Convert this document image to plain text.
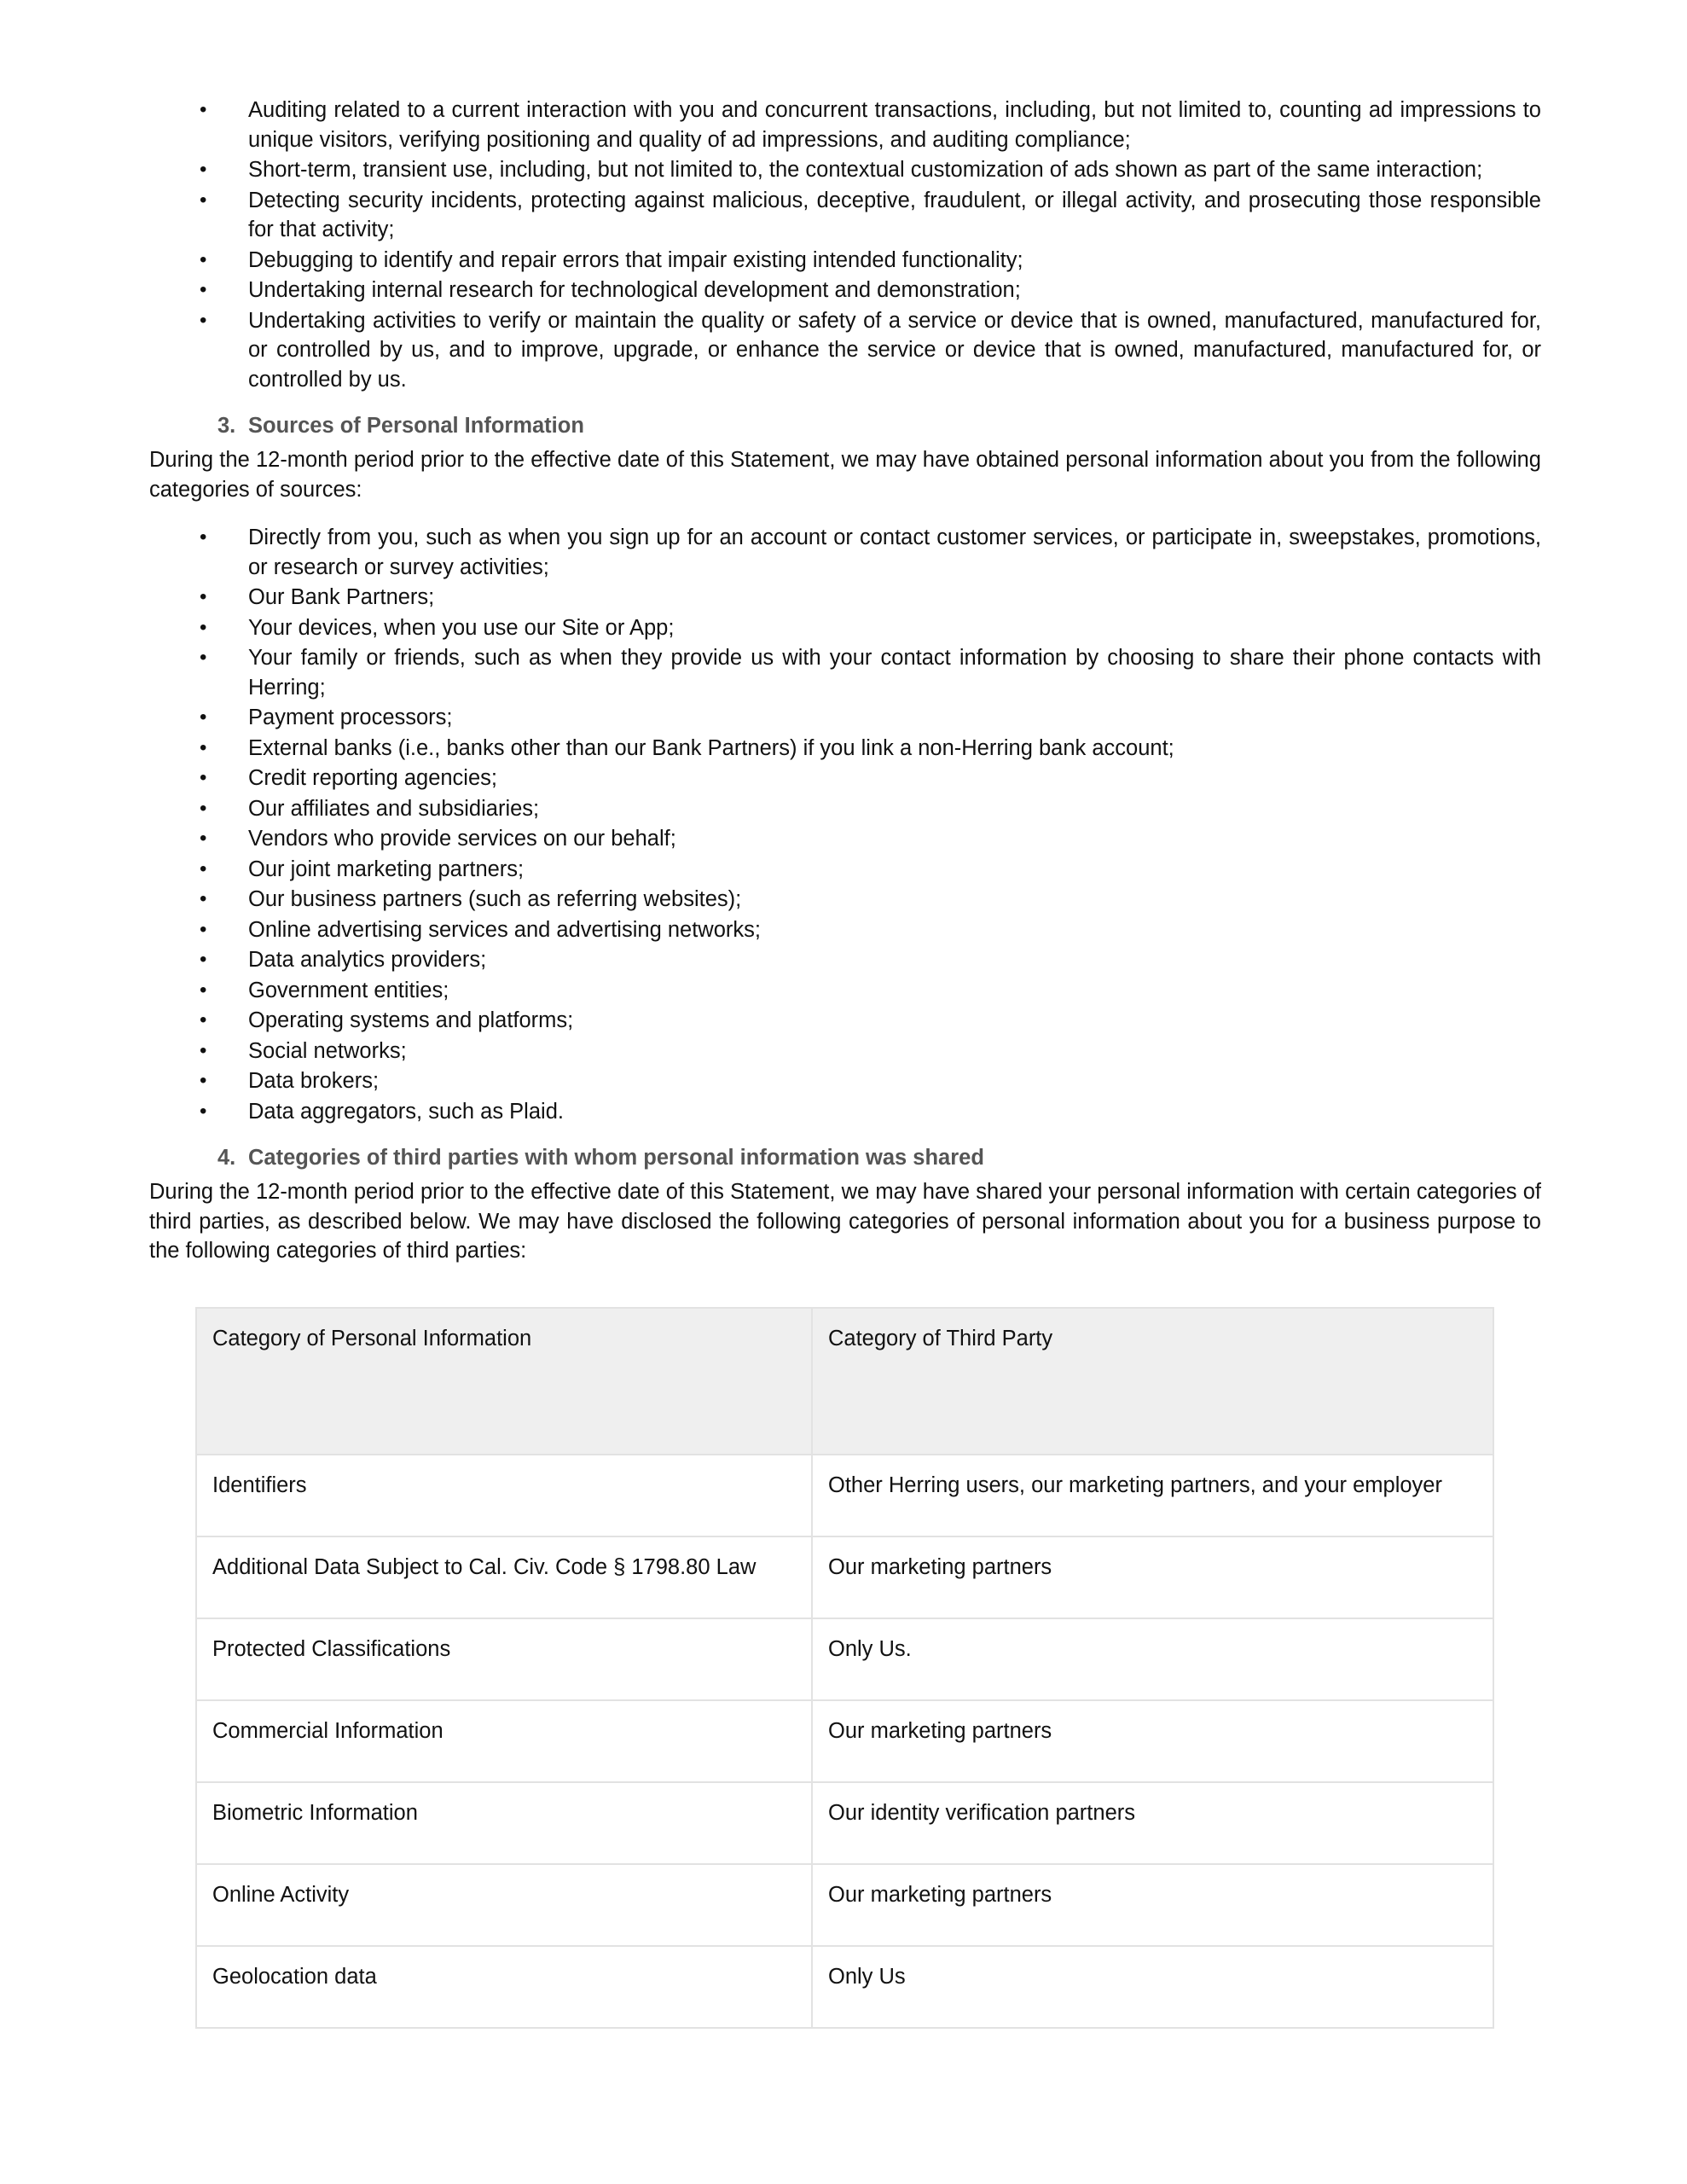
• Auditing related to a current interaction with you and concurrent transactions, including, but not limited to, counting ad impressions to unique visitors, verifying positioning and quality of ad impressions, and auditing compliance;
• Short-term, transient use, including, but not limited to, the contextual customization of ads shown as part of the same interaction;
• Detecting security incidents, protecting against malicious, deceptive, fraudulent, or illegal activity, and prosecuting those responsible for that activity;
• Debugging to identify and repair errors that impair existing intended functionality;
• Undertaking internal research for technological development and demonstration;
• Undertaking activities to verify or maintain the quality or safety of a service or device that is owned, manufactured, manufactured for, or controlled by us, and to improve, upgrade, or enhance the service or device that is owned, manufactured, manufactured for, or controlled by us.
3. Sources of Personal Information

During the 12-month period prior to the effective date of this Statement, we may have obtained personal information about you from the following categories of sources:

• Directly from you, such as when you sign up for an account or contact customer services, or participate in, sweepstakes, promotions, or research or survey activities;
• Our Bank Partners;
• Your devices, when you use our Site or App;
• Your family or friends, such as when they provide us with your contact information by choosing to share their phone contacts with Herring;
• Payment processors;
• External banks (i.e., banks other than our Bank Partners) if you link a non-Herring bank account;
• Credit reporting agencies;
• Our affiliates and subsidiaries;
• Vendors who provide services on our behalf;
• Our joint marketing partners;
• Our business partners (such as referring websites);
• Online advertising services and advertising networks;
• Data analytics providers;
• Government entities;
• Operating systems and platforms;
• Social networks;
• Data brokers;
• Data aggregators, such as Plaid.
4. Categories of third parties with whom personal information was shared

During the 12-month period prior to the effective date of this Statement, we may have shared your personal information with certain categories of third parties, as described below. We may have disclosed the following categories of personal information about you for a business purpose to the following categories of third parties:

Category of Personal Information	Category of Third Party
Identifiers	Other Herring users, our marketing partners, and your employer
Additional Data Subject to Cal. Civ. Code § 1798.80 Law	Our marketing partners
Protected Classifications	Only Us.
Commercial Information	Our marketing partners
Biometric Information	Our identity verification partners
Online Activity	Our marketing partners
Geolocation data	Only Us
